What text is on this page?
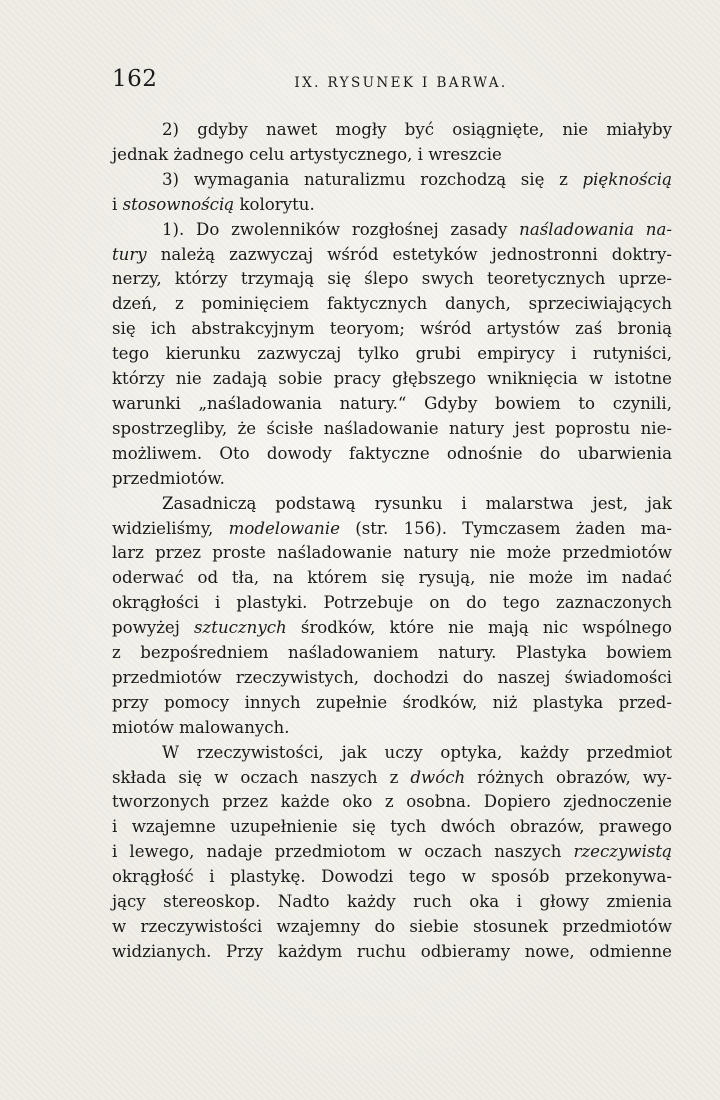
162	IX. RYSUNEK I BARWA.
2) gdyby nawet mogły być osiągnięte, nie miałyby
jednak żadnego celu artystycznego, i wreszcie
3) wymagania naturalizmu rozchodzą się z pięknością
i stosownością kolorytu.
1). Do zwolenników rozgłośnej zasady naśladowania na-
tury należą zazwyczaj wśród estetyków jednostronni doktry-
nerzy, którzy trzymają się ślepo swych teoretycznych uprze-
dzeń, z pominięciem faktycznych danych, sprzeciwiających
się ich abstrakcyjnym teoryom; wśród artystów zaś bronią
tego kierunku zazwyczaj tylko grubi empirycy i rutyniści,
którzy nie zadają sobie pracy głębszego wniknięcia w istotne
warunki „naśladowania natury.“ Gdyby bowiem to czynili,
spostrzegliby, że ścisłe naśladowanie natury jest poprostu nie-
możliwem. Oto dowody faktyczne odnośnie do ubarwienia
przedmiotów.
Zasadniczą podstawą rysunku i malarstwa jest, jak
widzieliśmy, modelowanie (str. 156). Tymczasem żaden ma-
larz przez proste naśladowanie natury nie może przedmiotów
oderwać od tła, na którem się rysują, nie może im nadać
okrągłości i plastyki. Potrzebuje on do tego zaznaczonych
powyżej sztucznych środków, które nie mają nic wspólnego
z bezpośredniem naśladowaniem natury. Plastyka bowiem
przedmiotów rzeczywistych, dochodzi do naszej świadomości
przy pomocy innych zupełnie środków, niż plastyka przed-
miotów malowanych.
W rzeczywistości, jak uczy optyka, każdy przedmiot
składa się w oczach naszych z dwóch różnych obrazów, wy-
tworzonych przez każde oko z osobna. Dopiero zjednoczenie
i wzajemne uzupełnienie się tych dwóch obrazów, prawego
i lewego, nadaje przedmiotom w oczach naszych rzeczywistą
okrągłość i plastykę. Dowodzi tego w sposób przekonywa-
jący stereoskop. Nadto każdy ruch oka i głowy zmienia
w rzeczywistości wzajemny do siebie stosunek przedmiotów
widzianych. Przy każdym ruchu odbieramy nowe, odmienne
